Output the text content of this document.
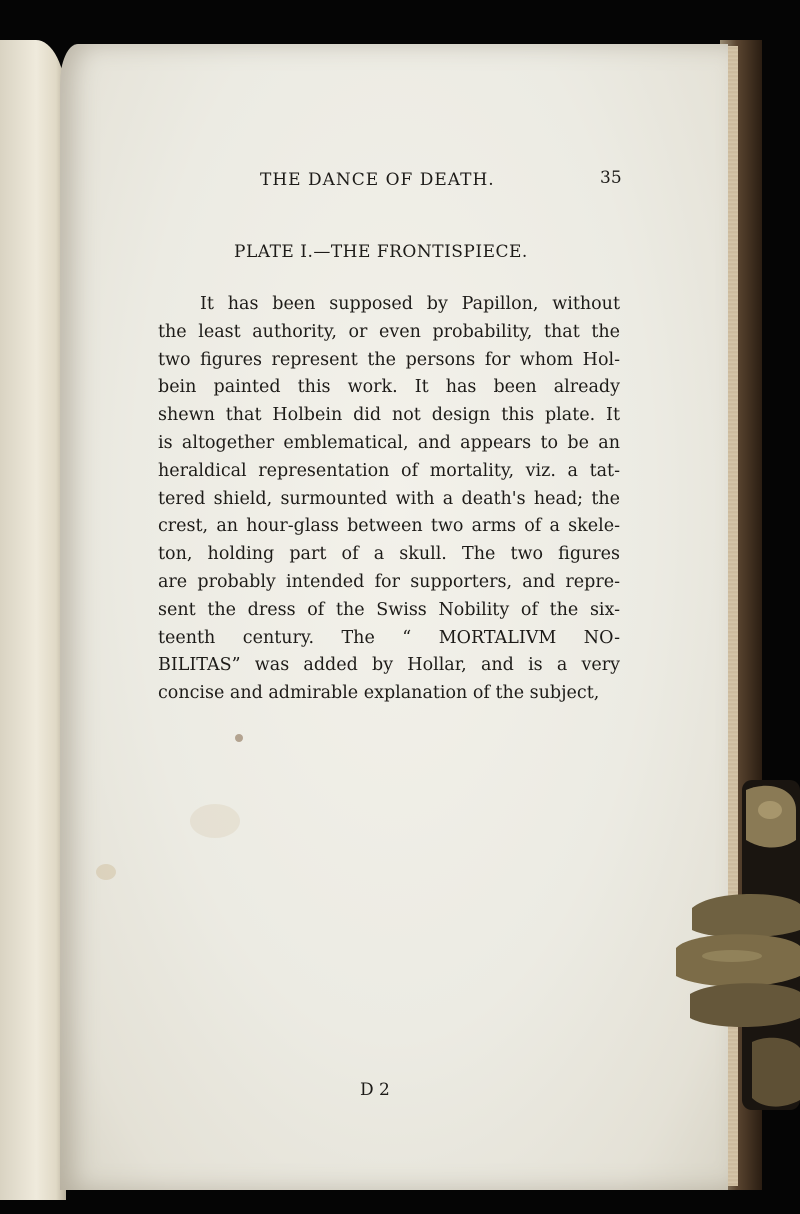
THE DANCE OF DEATH.	35
PLATE I.—THE FRONTISPIECE.
It has been supposed by Papillon, without
the least authority, or even probability, that the
two figures represent the persons for whom Hol-
bein painted this work. It has been already
shewn that Holbein did not design this plate. It
is altogether emblematical, and appears to be an
heraldical representation of mortality, viz. a tat-
tered shield, surmounted with a death's head; the
crest, an hour-glass between two arms of a skele-
ton, holding part of a skull. The two figures
are probably intended for supporters, and repre-
sent the dress of the Swiss Nobility of the six-
teenth century. The “ MORTALIVM NO-
BILITAS” was added by Hollar, and is a very
concise and admirable explanation of the subject,
D 2
